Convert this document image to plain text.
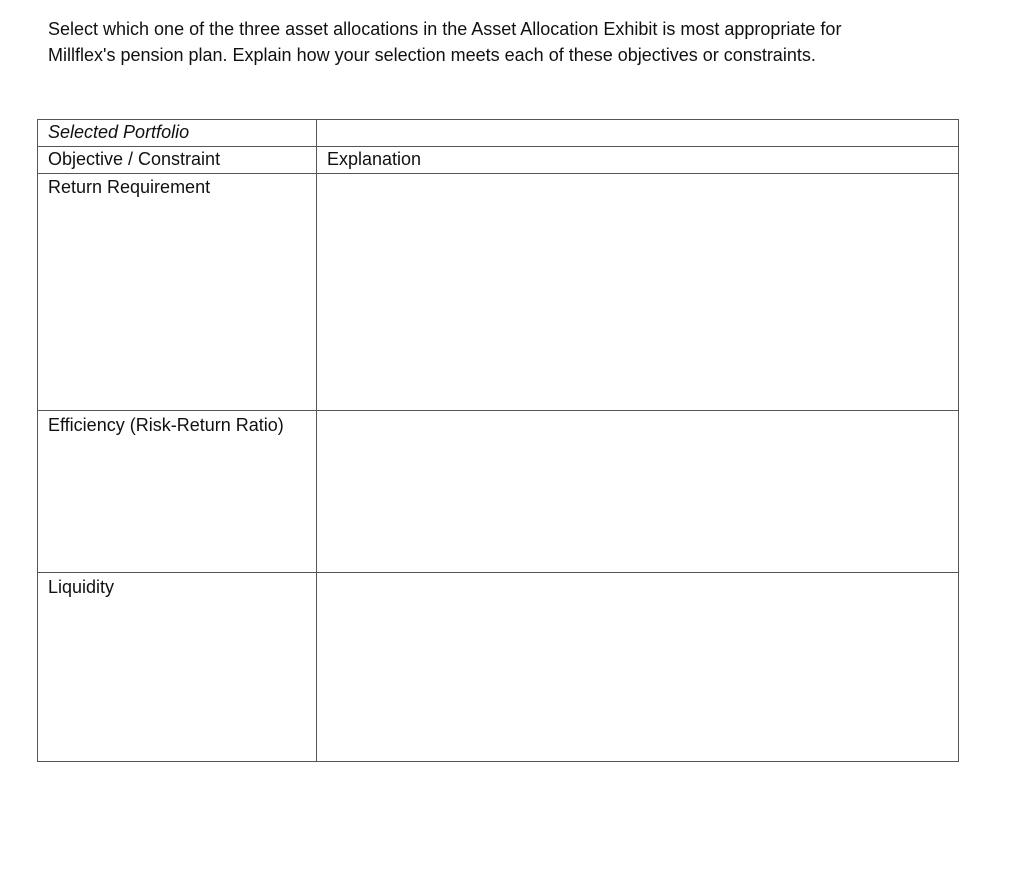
Select which one of the three asset allocations in the Asset Allocation Exhibit is most appropriate for

Millflex's pension plan. Explain how your selection meets each of these objectives or constraints.

Selected Portfolio	
Objective / Constraint	Explanation
Return Requirement	
Efficiency (Risk-Return Ratio)	
Liquidity	
